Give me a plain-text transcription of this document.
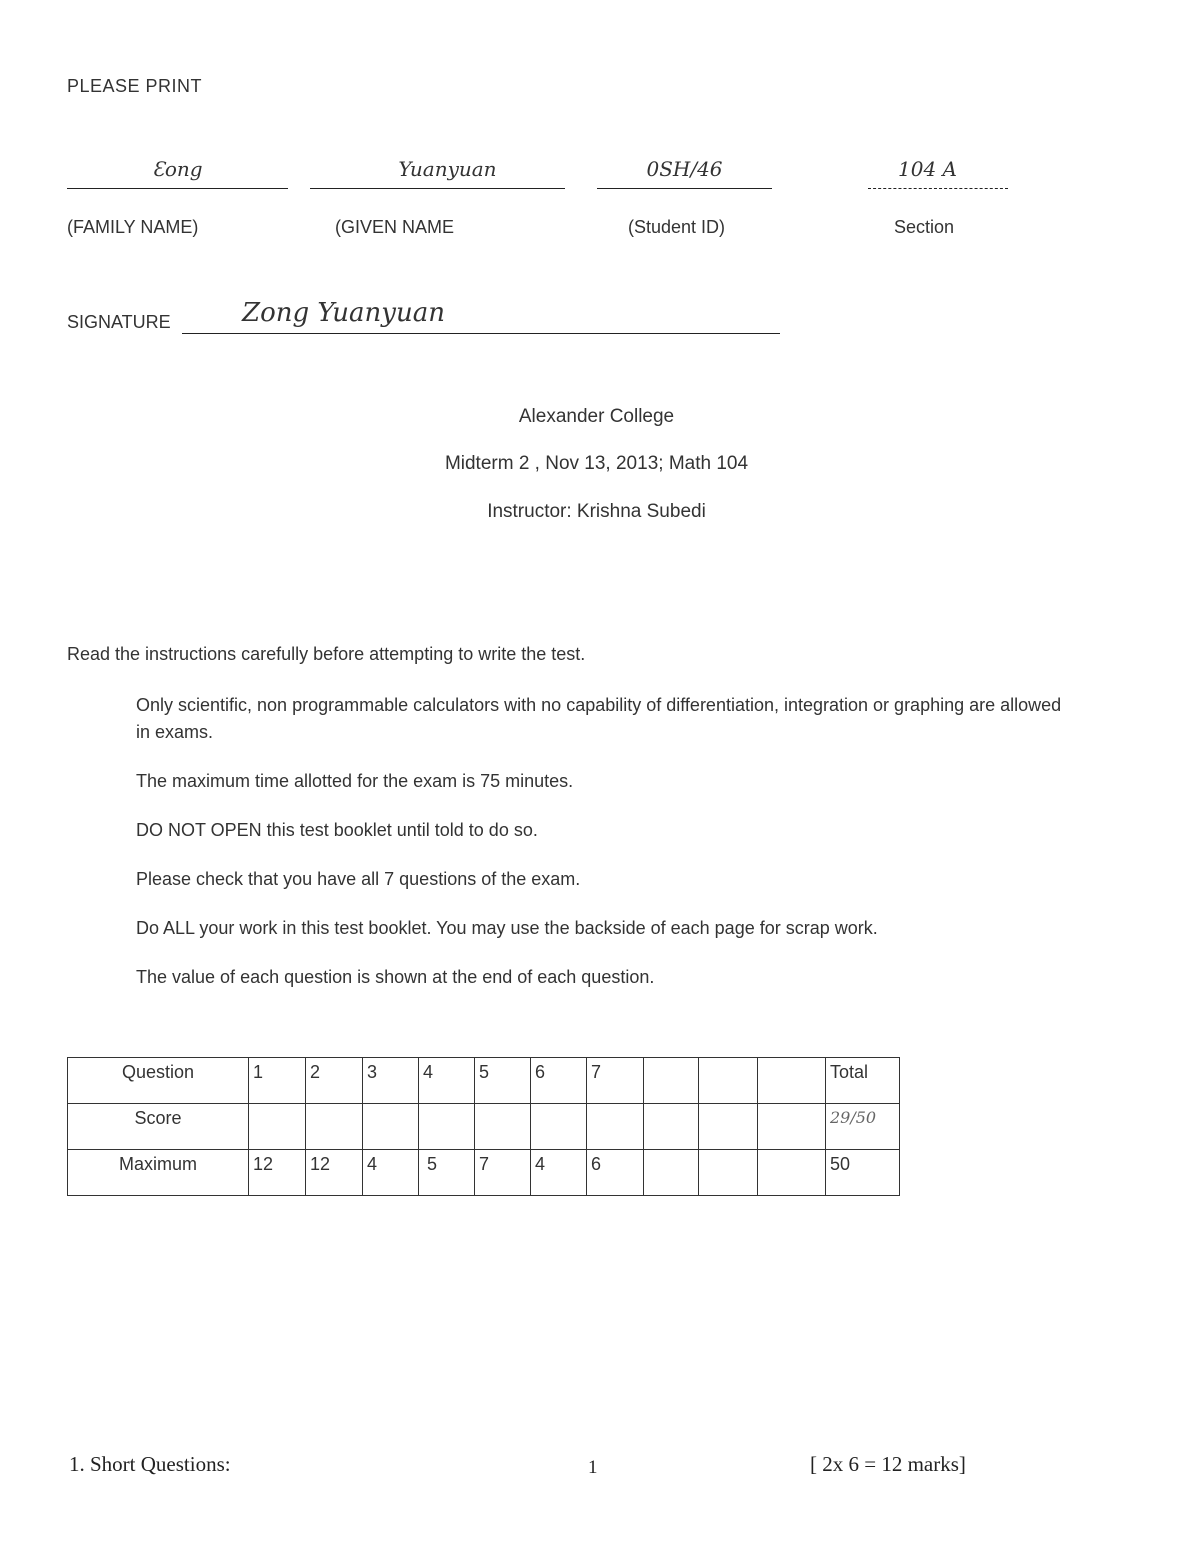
PLEASE PRINT
Ɛong	Yuanyuan	0SH/46	104 A
(FAMILY NAME)	(GIVEN NAME	(Student ID)	Section
SIGNATURE	Zong Yuanyuan
Alexander College
Midterm 2 , Nov 13, 2013; Math 104
Instructor: Krishna Subedi
Read the instructions carefully before attempting to write the test.
Only scientific, non programmable calculators with no capability of differentiation, integration or graphing are allowed in exams.
The maximum time allotted for the exam is 75 minutes.
DO NOT OPEN this test booklet until told to do so.
Please check that you have all 7 questions of the exam.
Do ALL your work in this test booklet. You may use the backside of each page for scrap work.
The value of each question is shown at the end of each question.
Question	1	2	3	4	5	6	7				Total
Score											29/50
Maximum	12	12	4	5	7	4	6				50
1. Short Questions:	1	[ 2x 6 = 12 marks]
